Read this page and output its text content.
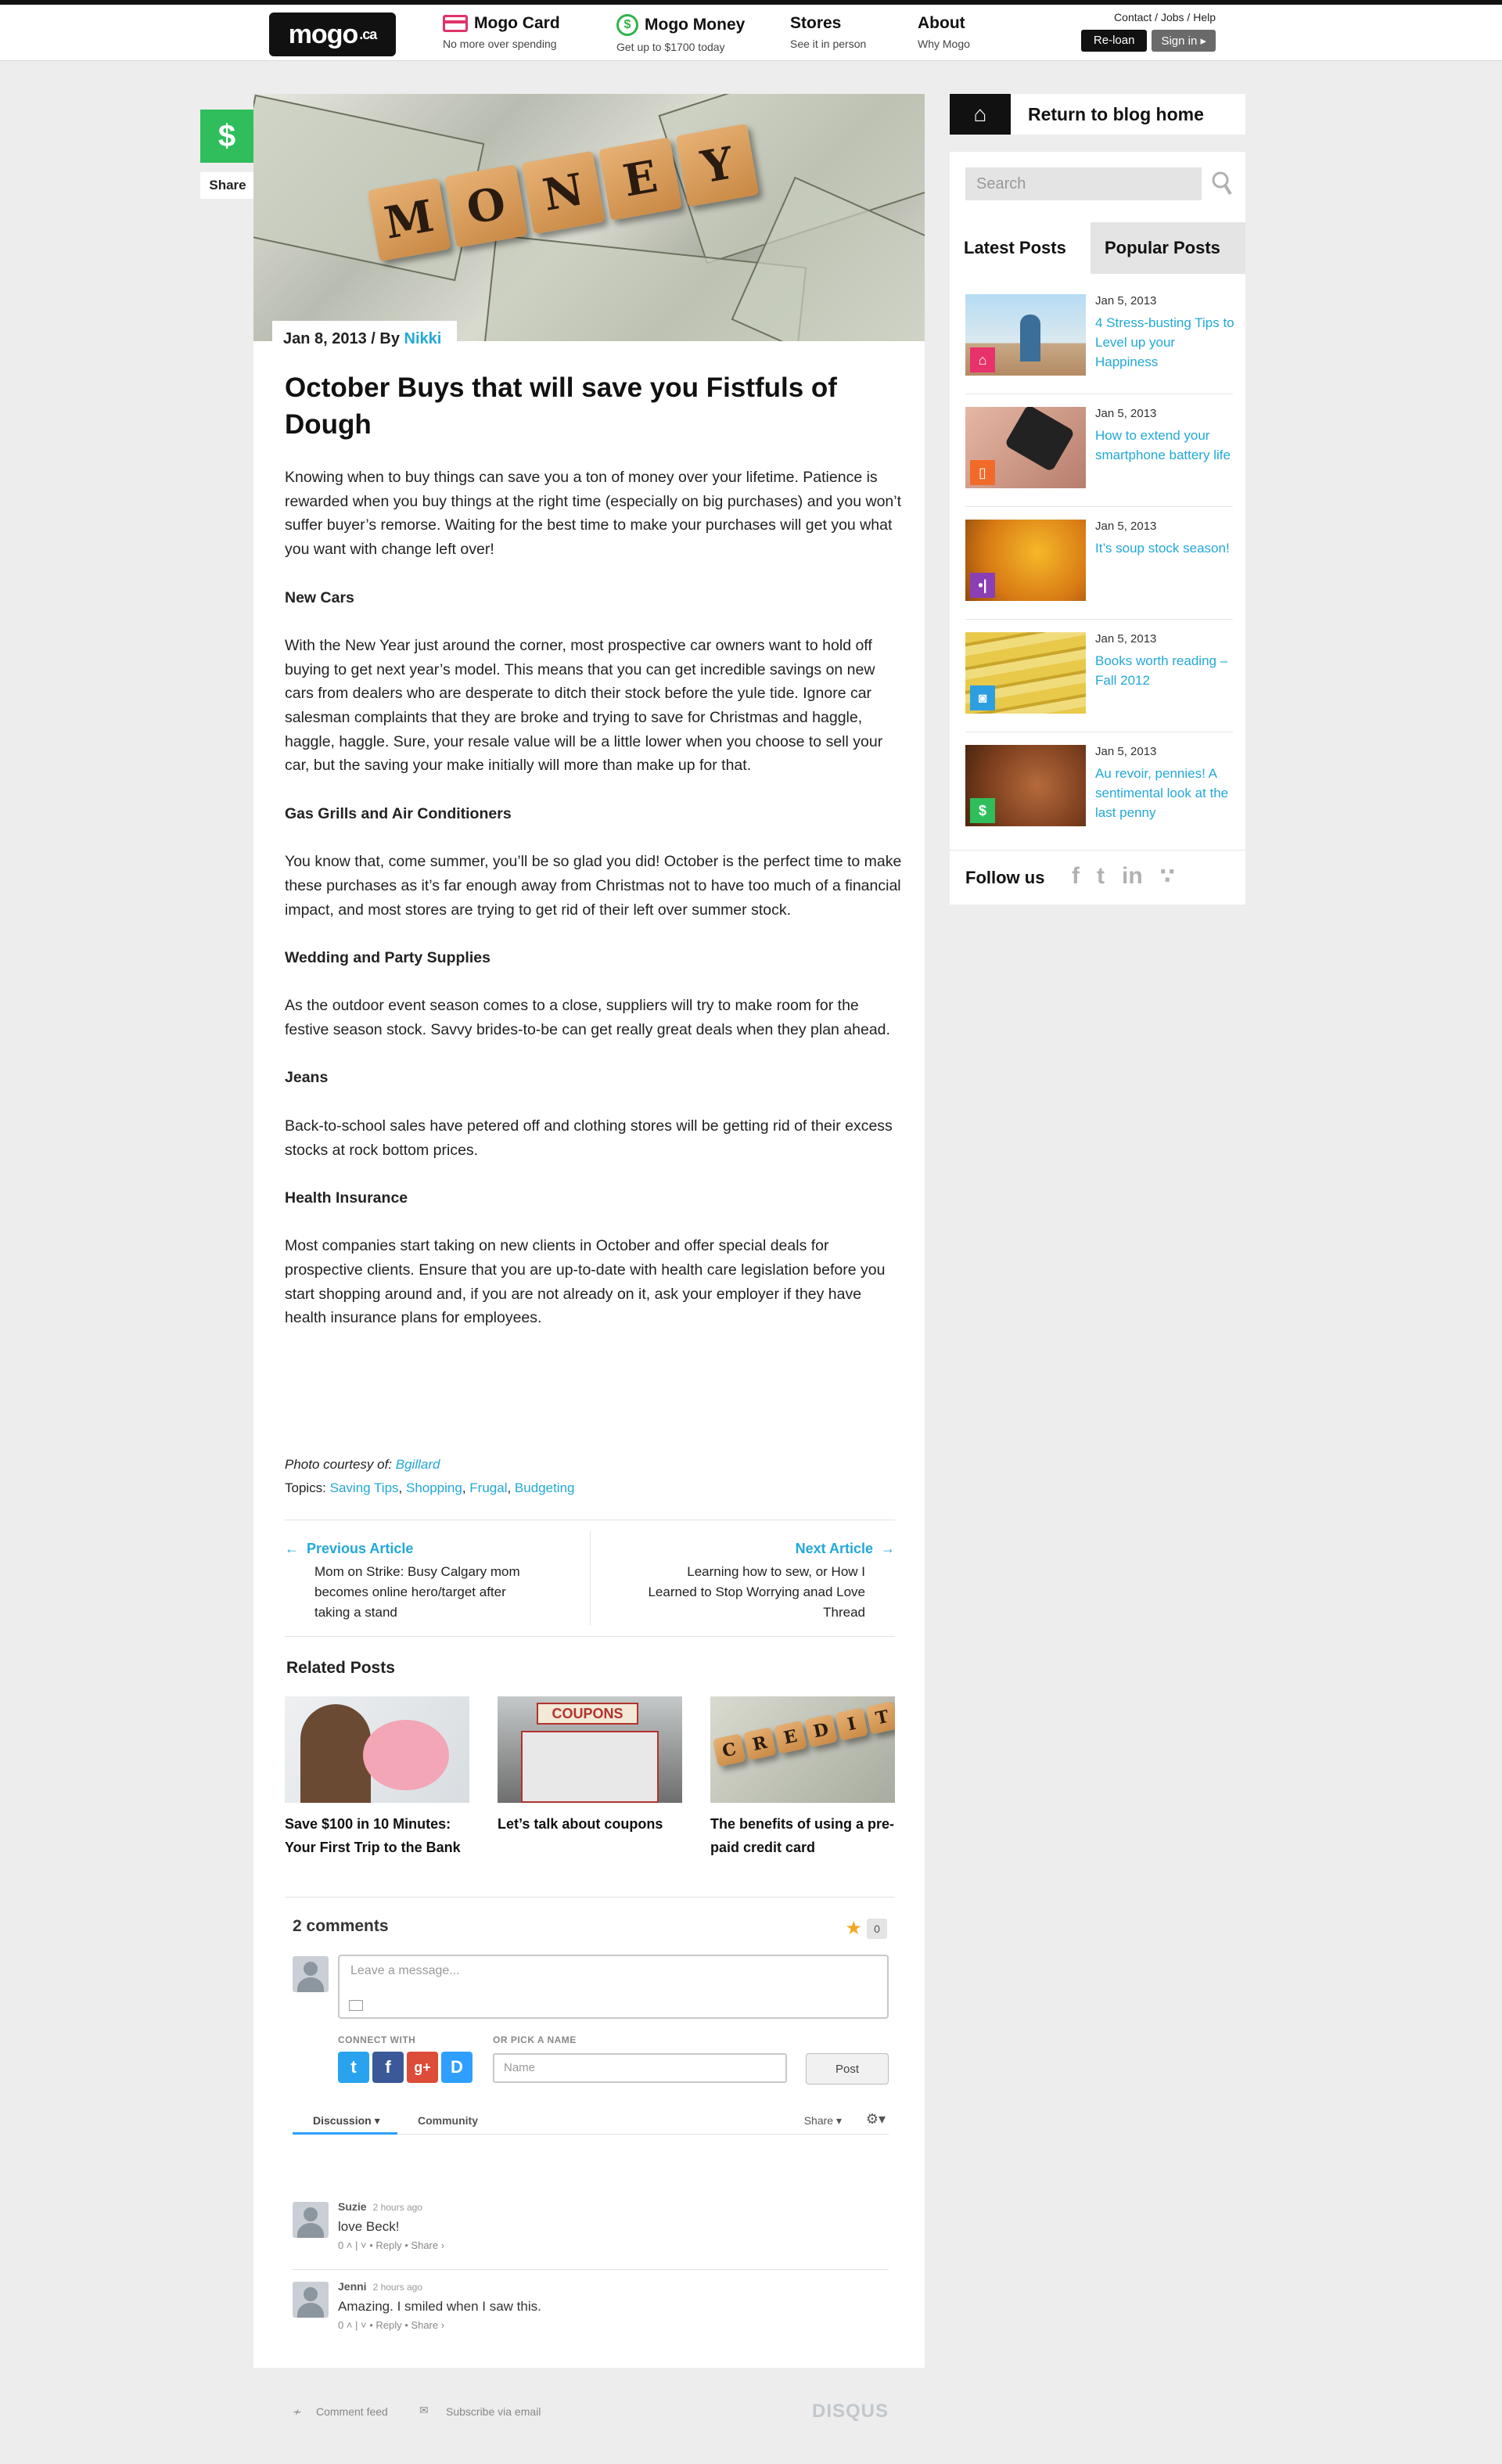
mogo .ca
Mogo Card
No more over spending
$ Mogo Money
Get up to $1700 today
Stores
See it in person
About
Why Mogo
Contact / Jobs / Help
Re-loan	Sign in ▸
$
Share
M O N E Y
Jan 8, 2013 / By Nikki
October Buys that will save you Fistfuls of Dough

Knowing when to buy things can save you a ton of money over your lifetime. Patience is rewarded when you buy things at the right time (especially on big purchases) and you won’t suffer buyer’s remorse. Waiting for the best time to make your purchases will get you what you want with change left over!

New Cars

With the New Year just around the corner, most prospective car owners want to hold off buying to get next year’s model. This means that you can get incredible savings on new cars from dealers who are desperate to ditch their stock before the yule tide. Ignore car salesman complaints that they are broke and trying to save for Christmas and haggle, haggle, haggle. Sure, your resale value will be a little lower when you choose to sell your car, but the saving your make initially will more than make up for that.

Gas Grills and Air Conditioners

You know that, come summer, you’ll be so glad you did! October is the perfect time to make these purchases as it’s far enough away from Christmas not to have too much of a financial impact, and most stores are trying to get rid of their left over summer stock.

Wedding and Party Supplies

As the outdoor event season comes to a close, suppliers will try to make room for the festive season stock. Savvy brides-to-be can get really great deals when they plan ahead.

Jeans

Back-to-school sales have petered off and clothing stores will be getting rid of their excess stocks at rock bottom prices.

Health Insurance

Most companies start taking on new clients in October and offer special deals for prospective clients. Ensure that you are up-to-date with health care legislation before you start shopping around and, if you are not already on it, ask your employer if they have health insurance plans for employees.

Photo courtesy of: Bgillard
Topics: Saving Tips, Shopping, Frugal, Budgeting
← Previous Article
Mom on Strike: Busy Calgary mom becomes online hero/target after taking a stand
Next Article →
Learning how to sew, or How I Learned to Stop Worrying anad Love Thread
Related Posts
Save $100 in 10 Minutes: Your First Trip to the Bank
COUPONS
Let’s talk about coupons
C R E D I T
The benefits of using a pre-paid credit card
2 comments	★	0
Leave a message...
CONNECT WITH	OR PICK A NAME
t	f	g+	D	Name	Post
Discussion ▾	Community	Share ▾ ⚙▾
Suzie 2 hours ago
love Beck!
0 ˄ | ˅ • Reply • Share ›
Jenni 2 hours ago
Amazing. I smiled when I saw this.
0 ˄ | ˅ • Reply • Share ›
≁ Comment feed	✉ Subscribe via email	DISQUS
⌂	Return to blog home
Search
Latest Posts	Popular Posts
⌂
Jan 5, 2013
4 Stress-busting Tips to Level up your Happiness
▯
Jan 5, 2013
How to extend your smartphone battery life
•|
Jan 5, 2013
It’s soup stock season!
◙
Jan 5, 2013
Books worth reading – Fall 2012
$
Jan 5, 2013
Au revoir, pennies! A sentimental look at the last penny
Follow us f t in ∵
